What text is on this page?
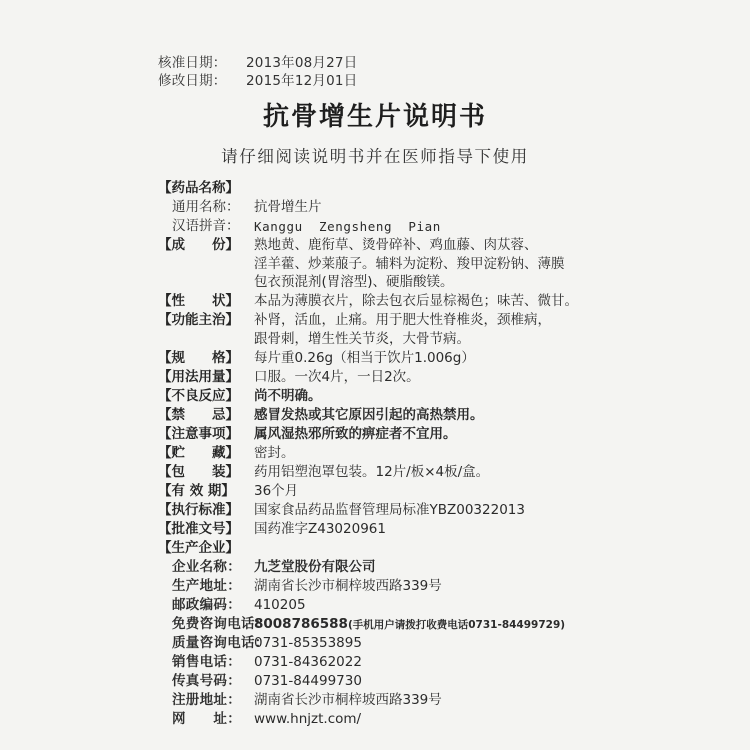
核准日期： 2013年08月27日
修改日期： 2015年12月01日
抗骨增生片说明书
请仔细阅读说明书并在医师指导下使用
【药品名称】
通用名称： 抗骨增生片
汉语拼音： Kanggu  Zengsheng  Pian
【成　　份】 熟地黄、鹿衔草、烫骨碎补、鸡血藤、肉苁蓉、
淫羊藿、炒莱菔子。辅料为淀粉、羧甲淀粉钠、薄膜
包衣预混剂(胃溶型)、硬脂酸镁。
【性　　状】 本品为薄膜衣片，除去包衣后显棕褐色；味苦、微甘。
【功能主治】 补肾，活血，止痛。用于肥大性脊椎炎，颈椎病，
跟骨刺，增生性关节炎，大骨节病。
【规　　格】 每片重0.26g（相当于饮片1.006g）
【用法用量】 口服。一次4片，一日2次。
【不良反应】 尚不明确。
【禁　　忌】 感冒发热或其它原因引起的高热禁用。
【注意事项】 属风湿热邪所致的痹症者不宜用。
【贮　　藏】 密封。
【包　　装】 药用铝塑泡罩包装。12片/板×4板/盒。
【有 效 期】 36个月
【执行标准】 国家食品药品监督管理局标准YBZ00322013
【批准文号】 国药准字Z43020961
【生产企业】
企业名称： 九芝堂股份有限公司
生产地址： 湖南省长沙市桐梓坡西路339号
邮政编码： 410205
免费咨询电话：
8008786588(手机用户请拨打收费电话0731-84499729)
质量咨询电话：
0731-85353895
销售电话： 0731-84362022
传真号码： 0731-84499730
注册地址： 湖南省长沙市桐梓坡西路339号
网　　址： www.hnjzt.com/
